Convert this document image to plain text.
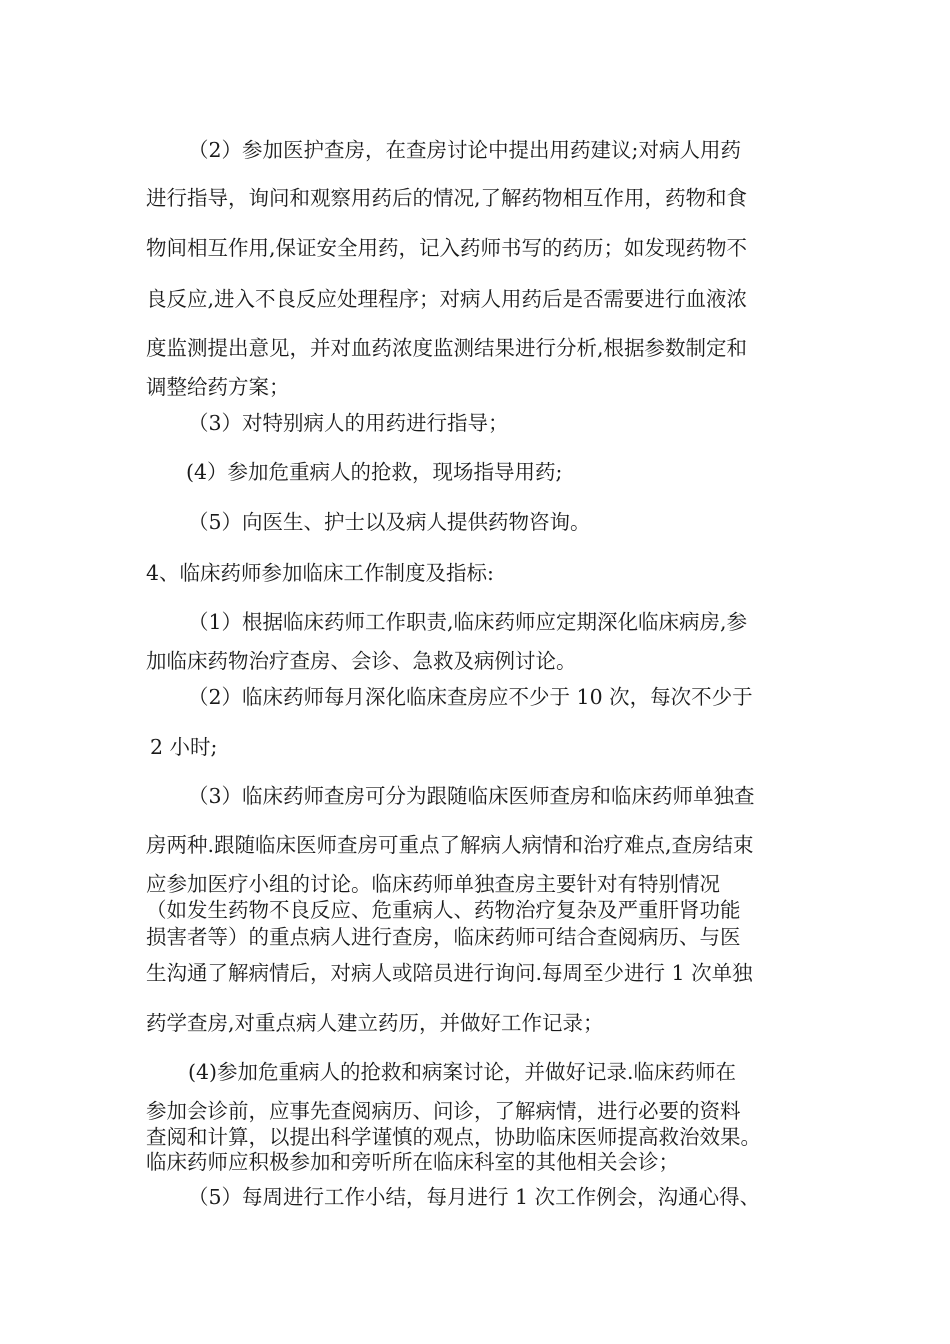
（2）参加医护查房，在查房讨论中提出用药建议;对病人用药

进行指导，询问和观察用药后的情况,了解药物相互作用，药物和食

物间相互作用,保证安全用药，记入药师书写的药历；如发现药物不

良反应,进入不良反应处理程序；对病人用药后是否需要进行血液浓

度监测提出意见，并对血药浓度监测结果进行分析,根据参数制定和

调整给药方案；

（3）对特别病人的用药进行指导；

(4）参加危重病人的抢救，现场指导用药;

（5）向医生、护士以及病人提供药物咨询。

4、临床药师参加临床工作制度及指标:

（1）根据临床药师工作职责,临床药师应定期深化临床病房,参

加临床药物治疗查房、会诊、急救及病例讨论。

（2）临床药师每月深化临床查房应不少于 10 次，每次不少于

2 小时;

（3）临床药师查房可分为跟随临床医师查房和临床药师单独查

房两种.跟随临床医师查房可重点了解病人病情和治疗难点,查房结束

应参加医疗小组的讨论。临床药师单独查房主要针对有特别情况

（如发生药物不良反应、危重病人、药物治疗复杂及严重肝肾功能

损害者等）的重点病人进行查房，临床药师可结合查阅病历、与医

生沟通了解病情后，对病人或陪员进行询问.每周至少进行 1 次单独

药学查房,对重点病人建立药历，并做好工作记录；

(4)参加危重病人的抢救和病案讨论，并做好记录.临床药师在

参加会诊前，应事先查阅病历、问诊，了解病情，进行必要的资料

查阅和计算，以提出科学谨慎的观点，协助临床医师提高救治效果。

临床药师应积极参加和旁听所在临床科室的其他相关会诊；

（5）每周进行工作小结，每月进行 1 次工作例会，沟通心得、
